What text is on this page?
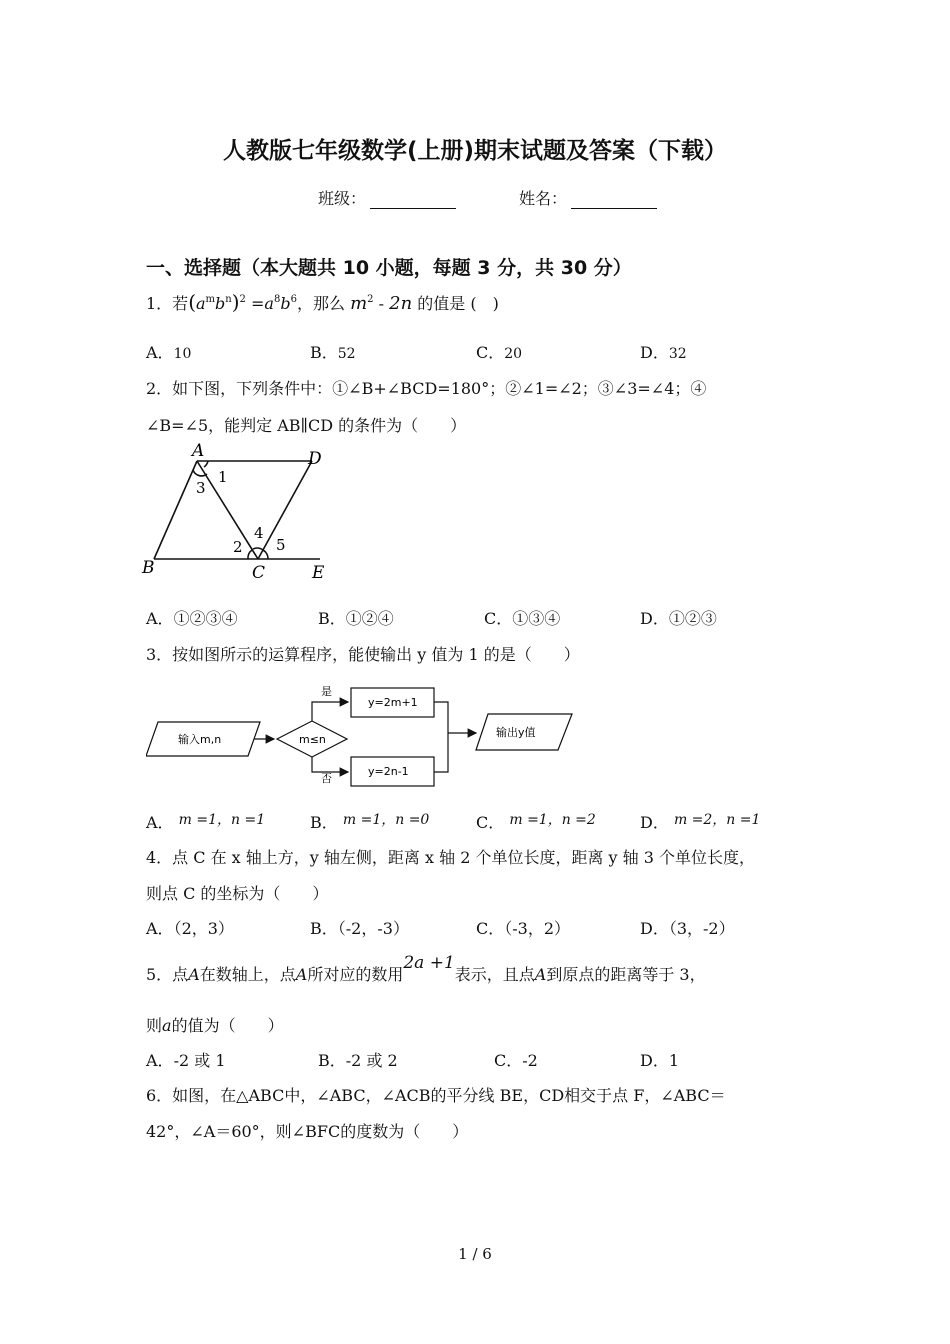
人教版七年级数学(上册)期末试题及答案（下载）
班级：	姓名：
一、选择题（本大题共 10 小题，每题 3 分，共 30 分）
1．若$(a^mb^n)^2 =a^8b^6$，那么 $m^2 - 2n$ 的值是 (　)
A．10	B．52	C．20	D．32
2．如下图，下列条件中：①∠B+∠BCD=180°；②∠1=∠2；③∠3=∠4；④
∠B=∠5，能判定 AB∥CD 的条件为（　　）
A	D
B	C	E
1
3
2
4
5
A．①②③④	B．①②④	C．①③④	D．①②③
3．按如图所示的运算程序，能使输出 y 值为 1 的是（　　）
输入m,n	m≤n
是
否
y=2m+1
y=2n-1
输出y值
A． m =1，n =1	B． m =1，n =0	C． m =1，n =2	D． m =2，n =1
4．点 C 在 x 轴上方，y 轴左侧，距离 x 轴 2 个单位长度，距离 y 轴 3 个单位长度，
则点 C 的坐标为（　　）
A．（2，3）	B．（-2，-3）	C．（-3，2）	D．（3，-2）
5．点A在数轴上，点A所对应的数用2a +1表示，且点A到原点的距离等于 3，
则a的值为（　　）
A．-2 或 1	B．-2 或 2	C．-2	D．1
6．如图，在△ABC中，∠ABC，∠ACB的平分线 BE，CD相交于点 F，∠ABC＝
42°，∠A＝60°，则∠BFC的度数为（　　）
1 / 6
